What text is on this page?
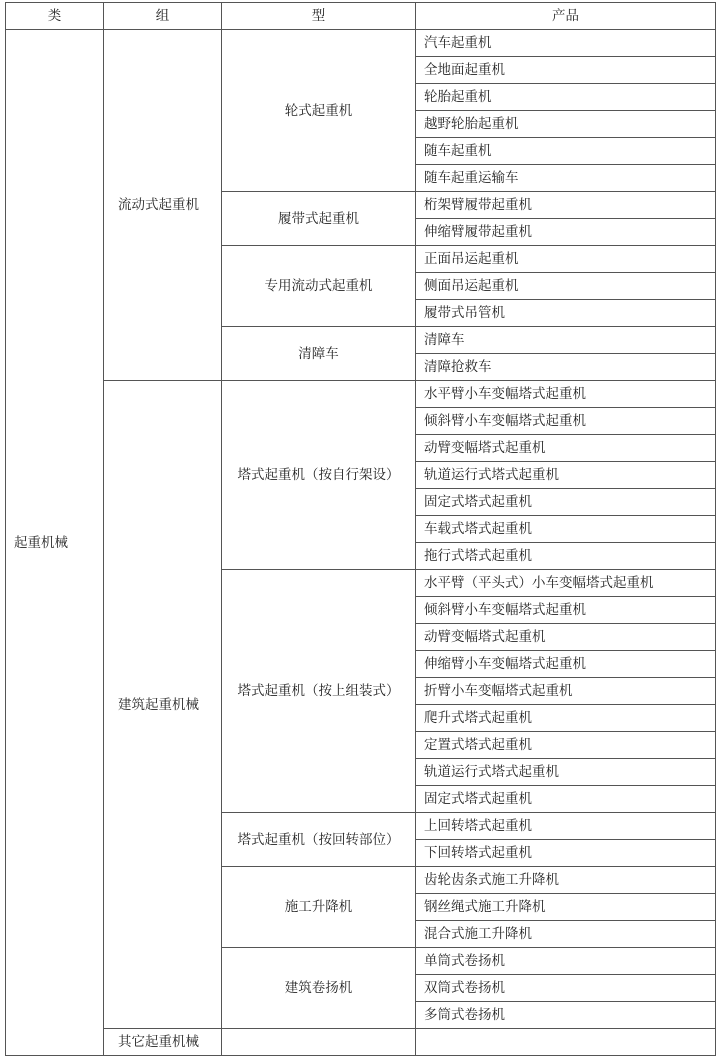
类	组	型	产品
起重机械	流动式起重机	轮式起重机	汽车起重机
			全地面起重机
			轮胎起重机
			越野轮胎起重机
			随车起重机
			随车起重运输车
		履带式起重机	桁架臂履带起重机
			伸缩臂履带起重机
		专用流动式起重机	正面吊运起重机
			侧面吊运起重机
			履带式吊管机
		清障车	清障车
			清障抢救车
	建筑起重机械	塔式起重机（按自行架设）	水平臂小车变幅塔式起重机
			倾斜臂小车变幅塔式起重机
			动臂变幅塔式起重机
			轨道运行式塔式起重机
			固定式塔式起重机
			车载式塔式起重机
			拖行式塔式起重机
		塔式起重机（按上组装式）	水平臂（平头式）小车变幅塔式起重机
			倾斜臂小车变幅塔式起重机
			动臂变幅塔式起重机
			伸缩臂小车变幅塔式起重机
			折臂小车变幅塔式起重机
			爬升式塔式起重机
			定置式塔式起重机
			轨道运行式塔式起重机
			固定式塔式起重机
		塔式起重机（按回转部位）	上回转塔式起重机
			下回转塔式起重机
		施工升降机	齿轮齿条式施工升降机
			钢丝绳式施工升降机
			混合式施工升降机
		建筑卷扬机	单筒式卷扬机
			双筒式卷扬机
			多筒式卷扬机
	其它起重机械		
